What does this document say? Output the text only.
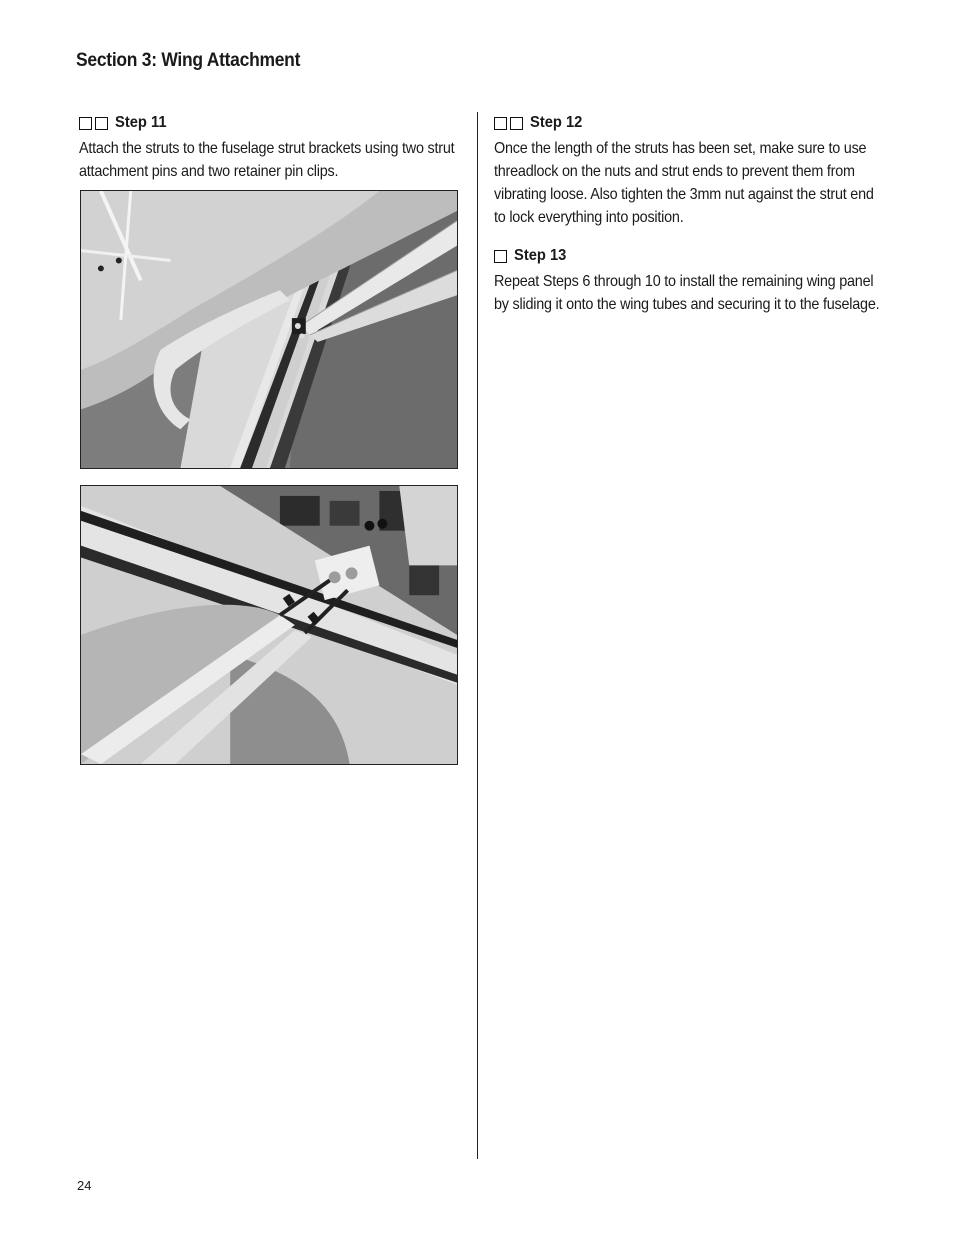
Section 3: Wing Attachment
Step 11

Attach the struts to the fuselage strut brackets using two strut attachment pins and two retainer pin clips.

Step 12

Once the length of the struts has been set, make sure to use threadlock on the nuts and strut ends to prevent them from vibrating loose. Also tighten the 3mm nut against the strut end to lock everything into position.

Step 13

Repeat Steps 6 through 10 to install the remaining wing panel by sliding it onto the wing tubes and securing it to the fuselage.

24
